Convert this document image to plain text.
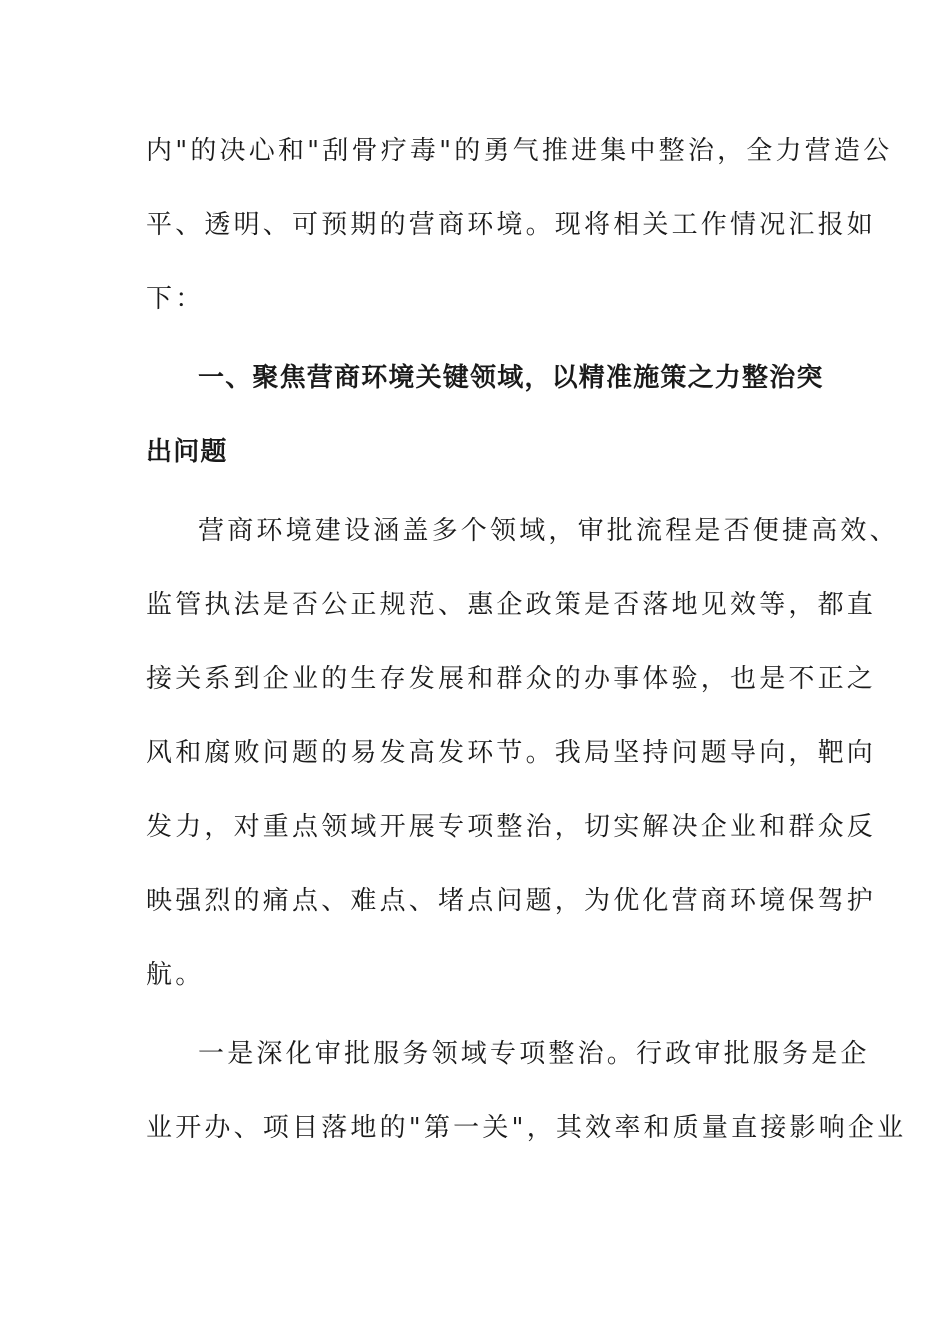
内"的决心和"刮骨疗毒"的勇气推进集中整治，全力营造公
平、透明、可预期的营商环境。现将相关工作情况汇报如
下：
一、聚焦营商环境关键领域，以精准施策之力整治突
出问题
营商环境建设涵盖多个领域，审批流程是否便捷高效、
监管执法是否公正规范、惠企政策是否落地见效等，都直
接关系到企业的生存发展和群众的办事体验，也是不正之
风和腐败问题的易发高发环节。我局坚持问题导向，靶向
发力，对重点领域开展专项整治，切实解决企业和群众反
映强烈的痛点、难点、堵点问题，为优化营商环境保驾护
航。
一是深化审批服务领域专项整治。行政审批服务是企
业开办、项目落地的"第一关"，其效率和质量直接影响企业
